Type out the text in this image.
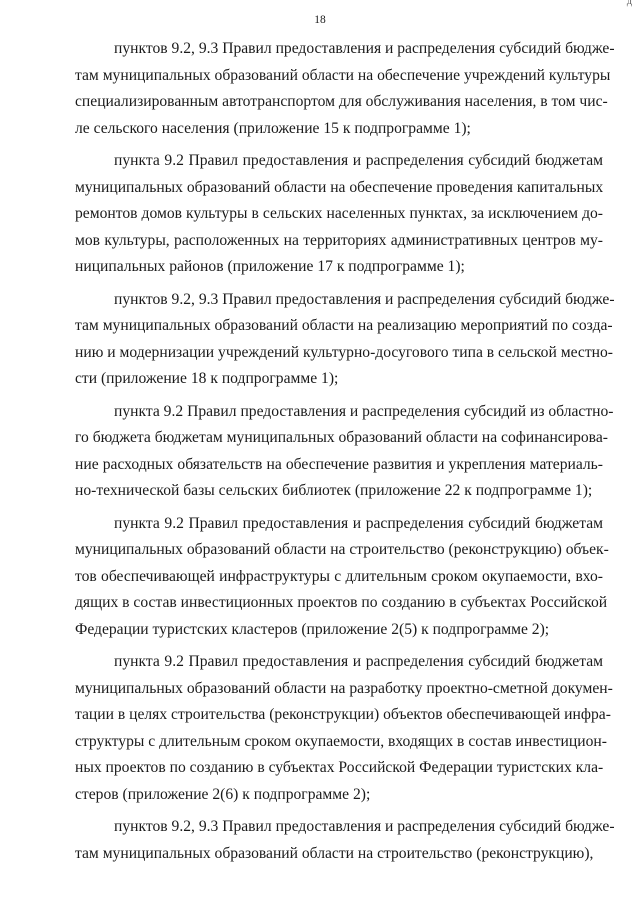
д
18

пунктов 9.2, 9.3 Правил предоставления и распределения субсидий бюдже-
там муниципальных образований области на обеспечение учреждений культуры
специализированным автотранспортом для обслуживания населения, в том чис-
ле сельского населения (приложение 15 к подпрограмме 1);

пункта 9.2 Правил предоставления и распределения субсидий бюджетам
муниципальных образований области на обеспечение проведения капитальных
ремонтов домов культуры в сельских населенных пунктах, за исключением до-
мов культуры, расположенных на территориях административных центров му-
ниципальных районов (приложение 17 к подпрограмме 1);

пунктов 9.2, 9.3 Правил предоставления и распределения субсидий бюдже-
там муниципальных образований области на реализацию мероприятий по созда-
нию и модернизации учреждений культурно-досугового типа в сельской местно-
сти (приложение 18 к подпрограмме 1);

пункта 9.2 Правил предоставления и распределения субсидий из областно-
го бюджета бюджетам муниципальных образований области на софинансирова-
ние расходных обязательств на обеспечение развития и укрепления материаль-
но-технической базы сельских библиотек (приложение 22 к подпрограмме 1);

пункта 9.2 Правил предоставления и распределения субсидий бюджетам
муниципальных образований области на строительство (реконструкцию) объек-
тов обеспечивающей инфраструктуры с длительным сроком окупаемости, вхо-
дящих в состав инвестиционных проектов по созданию в субъектах Российской
Федерации туристских кластеров (приложение 2(5) к подпрограмме 2);

пункта 9.2 Правил предоставления и распределения субсидий бюджетам
муниципальных образований области на разработку проектно-сметной докумен-
тации в целях строительства (реконструкции) объектов обеспечивающей инфра-
структуры с длительным сроком окупаемости, входящих в состав инвестицион-
ных проектов по созданию в субъектах Российской Федерации туристских кла-
стеров (приложение 2(6) к подпрограмме 2);

пунктов 9.2, 9.3 Правил предоставления и распределения субсидий бюдже-
там муниципальных образований области на строительство (реконструкцию),
